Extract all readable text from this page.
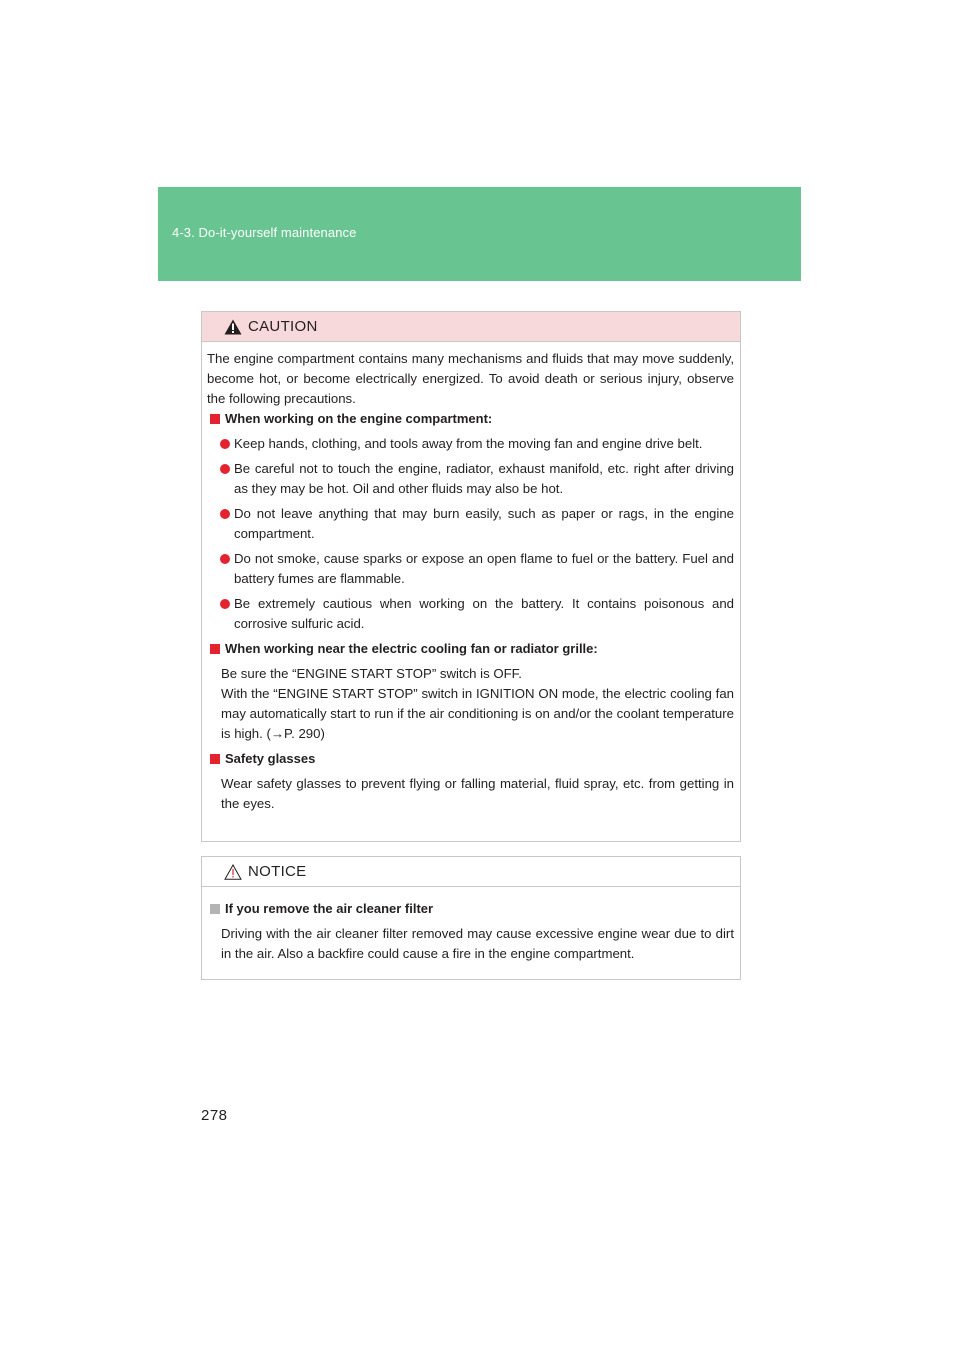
4-3. Do-it-yourself maintenance
CAUTION

The engine compartment contains many mechanisms and fluids that may move suddenly, become hot, or become electrically energized. To avoid death or serious injury, observe the following precautions.

When working on the engine compartment:
Keep hands, clothing, and tools away from the moving fan and engine drive belt.
Be careful not to touch the engine, radiator, exhaust manifold, etc. right after driving as they may be hot. Oil and other fluids may also be hot.
Do not leave anything that may burn easily, such as paper or rags, in the engine compartment.
Do not smoke, cause sparks or expose an open flame to fuel or the battery. Fuel and battery fumes are flammable.
Be extremely cautious when working on the battery. It contains poisonous and corrosive sulfuric acid.
When working near the electric cooling fan or radiator grille:
Be sure the “ENGINE START STOP” switch is OFF.
With the “ENGINE START STOP” switch in IGNITION ON mode, the electric cooling fan may automatically start to run if the air conditioning is on and/or the coolant temperature is high. (→P. 290)
Safety glasses
Wear safety glasses to prevent flying or falling material, fluid spray, etc. from getting in the eyes.
NOTICE
If you remove the air cleaner filter
Driving with the air cleaner filter removed may cause excessive engine wear due to dirt in the air. Also a backfire could cause a fire in the engine compartment.
278
